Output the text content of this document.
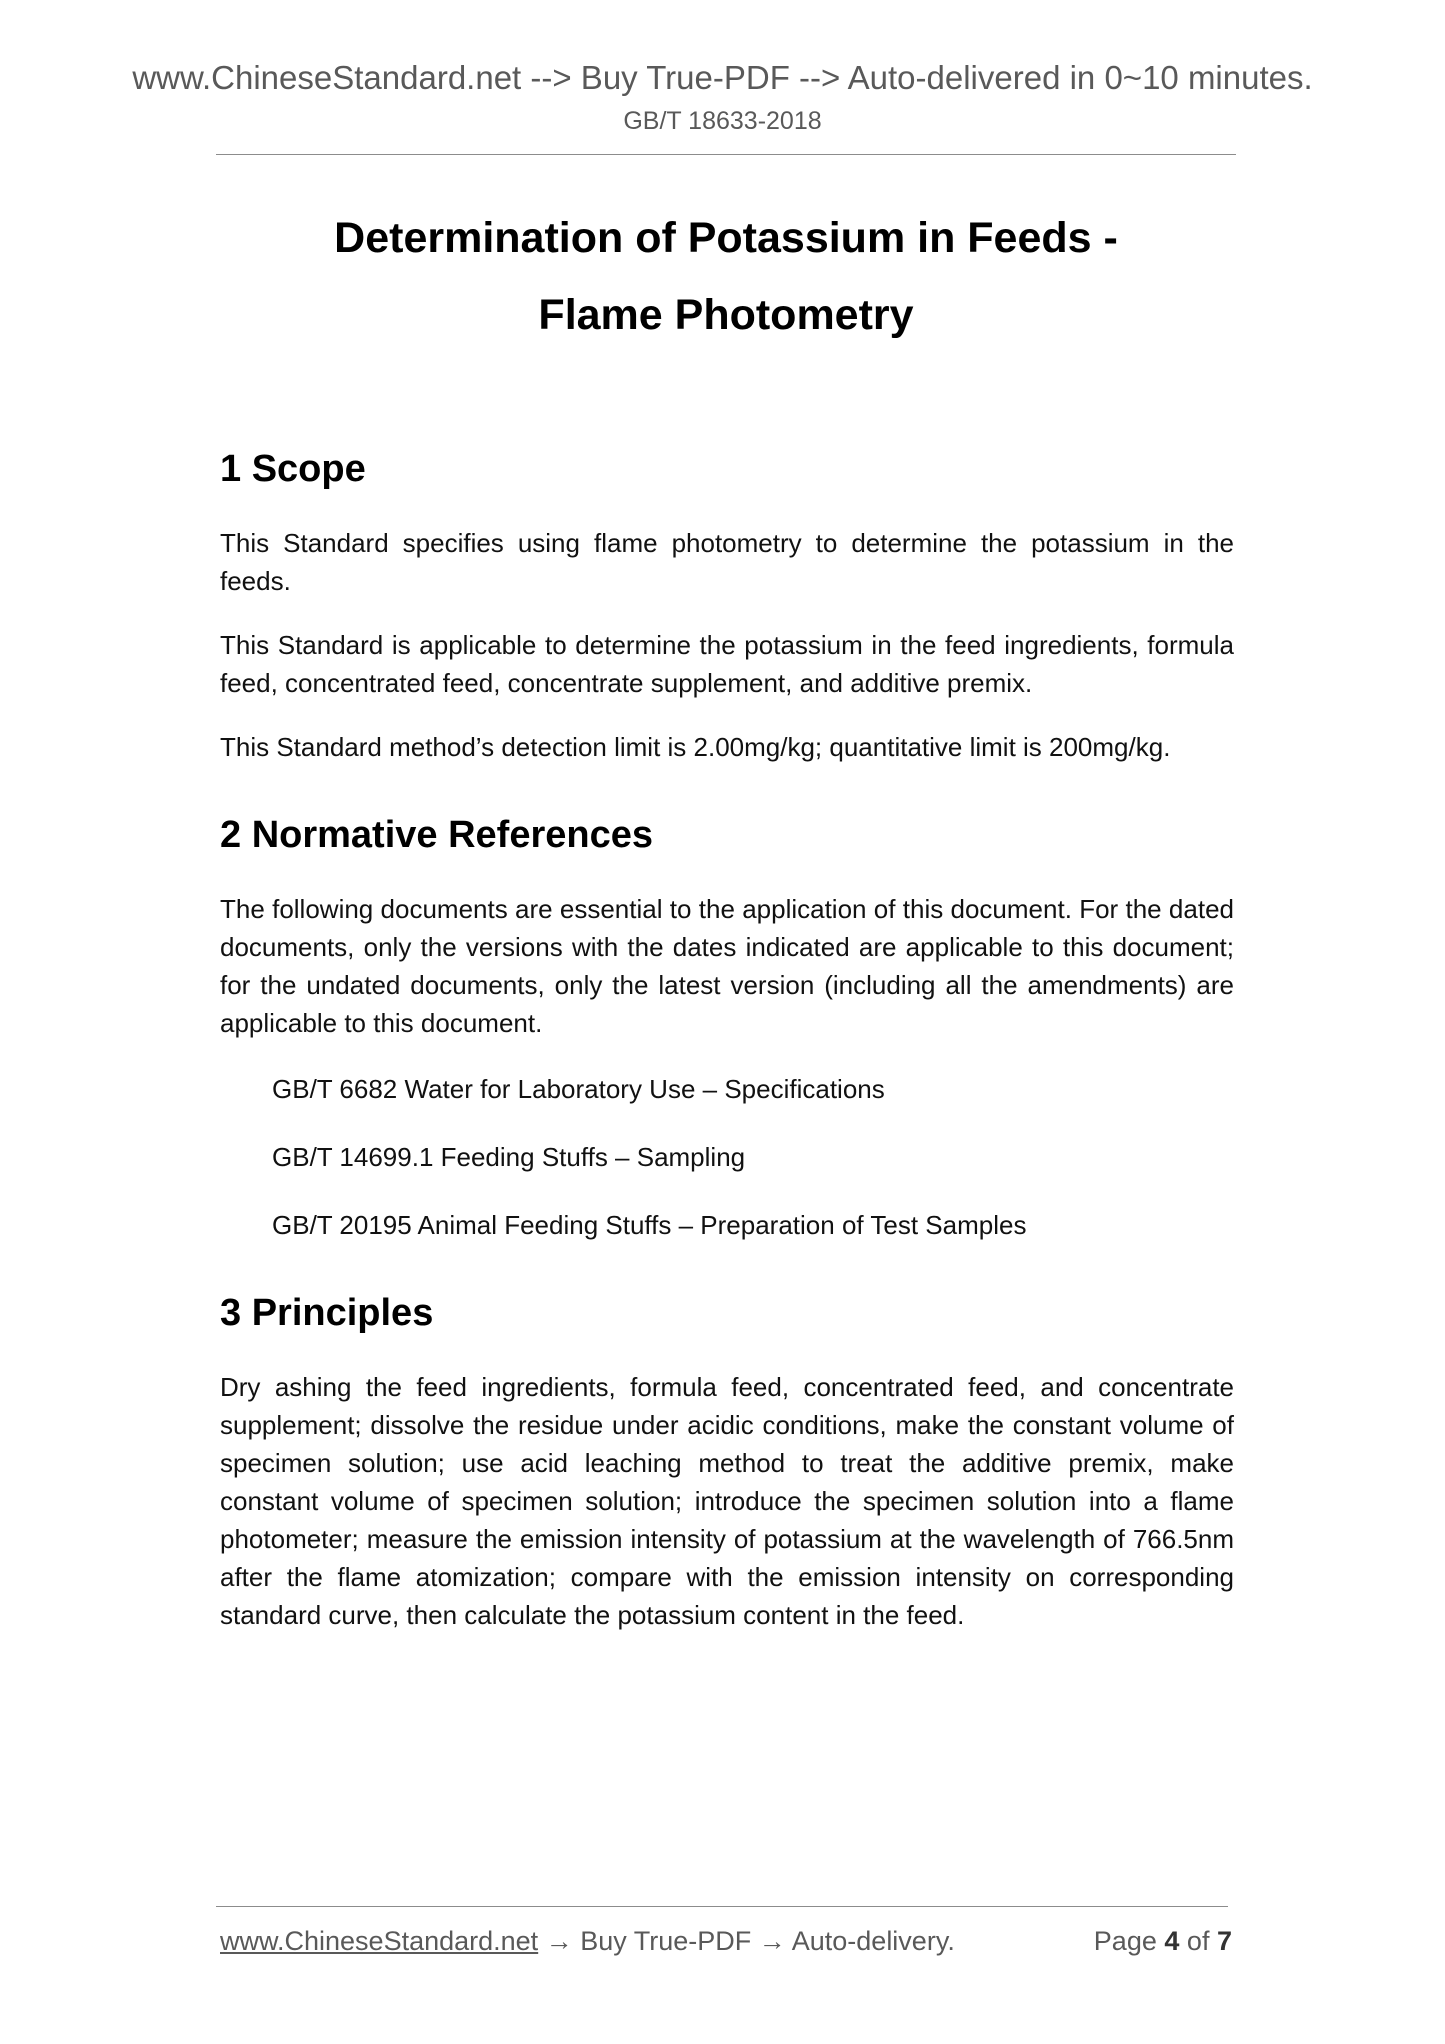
www.ChineseStandard.net --> Buy True-PDF --> Auto-delivered in 0~10 minutes.
GB/T 18633-2018
Determination of Potassium in Feeds -
Flame Photometry
1 Scope

This Standard specifies using flame photometry to determine the potassium in the feeds.

This Standard is applicable to determine the potassium in the feed ingredients, formula feed, concentrated feed, concentrate supplement, and additive premix.

This Standard method’s detection limit is 2.00mg/kg; quantitative limit is 200mg/kg.

2 Normative References

The following documents are essential to the application of this document. For the dated documents, only the versions with the dates indicated are applicable to this document; for the undated documents, only the latest version (including all the amendments) are applicable to this document.

GB/T 6682 Water for Laboratory Use – Specifications

GB/T 14699.1 Feeding Stuffs – Sampling

GB/T 20195 Animal Feeding Stuffs – Preparation of Test Samples

3 Principles

Dry ashing the feed ingredients, formula feed, concentrated feed, and concentrate supplement; dissolve the residue under acidic conditions, make the constant volume of specimen solution; use acid leaching method to treat the additive premix, make constant volume of specimen solution; introduce the specimen solution into a flame photometer; measure the emission intensity of potassium at the wavelength of 766.5nm after the flame atomization; compare with the emission intensity on corresponding standard curve, then calculate the potassium content in the feed.

www.ChineseStandard.net → Buy True-PDF → Auto-delivery.	Page 4 of 7
